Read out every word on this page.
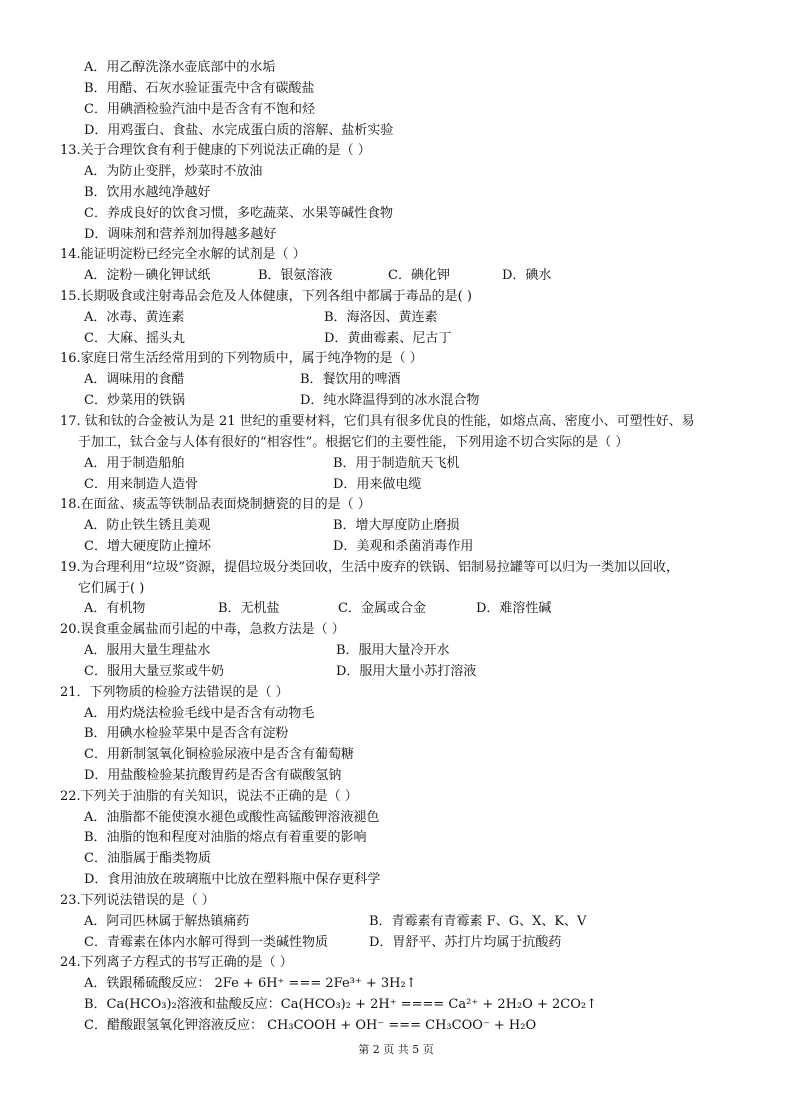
A．用乙醇洗涤水壶底部中的水垢
B．用醋、石灰水验证蛋壳中含有碳酸盐
C．用碘酒检验汽油中是否含有不饱和烃
D．用鸡蛋白、食盐、水完成蛋白质的溶解、盐析实验
13.关于合理饮食有利于健康的下列说法正确的是（ ）
A．为防止变胖，炒菜时不放油
B．饮用水越纯净越好
C．养成良好的饮食习惯，多吃蔬菜、水果等碱性食物
D．调味剂和营养剂加得越多越好
14.能证明淀粉已经完全水解的试剂是（ ）
A．淀粉－碘化钾试纸	B．银氨溶液	C．碘化钾	D．碘水
15.长期吸食或注射毒品会危及人体健康，下列各组中都属于毒品的是( )
A．冰毒、黄连素	B．海洛因、黄连素
C．大麻、摇头丸	D．黄曲霉素、尼古丁
16.家庭日常生活经常用到的下列物质中，属于纯净物的是（ ）
A．调味用的食醋	B．餐饮用的啤酒
C．炒菜用的铁锅	D．纯水降温得到的冰水混合物
17. 钛和钛的合金被认为是 21 世纪的重要材料，它们具有很多优良的性能，如熔点高、密度小、可塑性好、易
于加工，钛合金与人体有很好的“相容性”。根据它们的主要性能，下列用途不切合实际的是（ ）
A．用于制造船舶	B．用于制造航天飞机
C．用来制造人造骨	D．用来做电缆
18.在面盆、痰盂等铁制品表面烧制搪瓷的目的是（ ）
A．防止铁生锈且美观	B．增大厚度防止磨损
C．增大硬度防止撞坏	D．美观和杀菌消毒作用
19.为合理利用“垃圾”资源，提倡垃圾分类回收，生活中废弃的铁锅、铝制易拉罐等可以归为一类加以回收，
它们属于( )
A．有机物	B．无机盐	C．金属或合金	D．难溶性碱
20.误食重金属盐而引起的中毒，急救方法是（ ）
A．服用大量生理盐水	B．服用大量冷开水
C．服用大量豆浆或牛奶	D．服用大量小苏打溶液
21．下列物质的检验方法错误的是（ ）
A．用灼烧法检验毛线中是否含有动物毛
B．用碘水检验苹果中是否含有淀粉
C．用新制氢氧化铜检验尿液中是否含有葡萄糖
D．用盐酸检验某抗酸胃药是否含有碳酸氢钠
22.下列关于油脂的有关知识，说法不正确的是（ ）
A．油脂都不能使溴水褪色或酸性高锰酸钾溶液褪色
B．油脂的饱和程度对油脂的熔点有着重要的影响
C．油脂属于酯类物质
D．食用油放在玻璃瓶中比放在塑料瓶中保存更科学
23.下列说法错误的是（ ）
A．阿司匹林属于解热镇痛药	B．青霉素有青霉素 F、G、X、K、V
C．青霉素在体内水解可得到一类碱性物质	D．胃舒平、苏打片均属于抗酸药
24.下列离子方程式的书写正确的是（ ）
A．铁跟稀硫酸反应： 2Fe + 6H⁺ === 2Fe³⁺ + 3H₂↑
B．Ca(HCO₃)₂溶液和盐酸反应：Ca(HCO₃)₂ + 2H⁺ ==== Ca²⁺ + 2H₂O + 2CO₂↑
C．醋酸跟氢氧化钾溶液反应： CH₃COOH + OH⁻ === CH₃COO⁻ + H₂O
第 2 页 共 5 页
